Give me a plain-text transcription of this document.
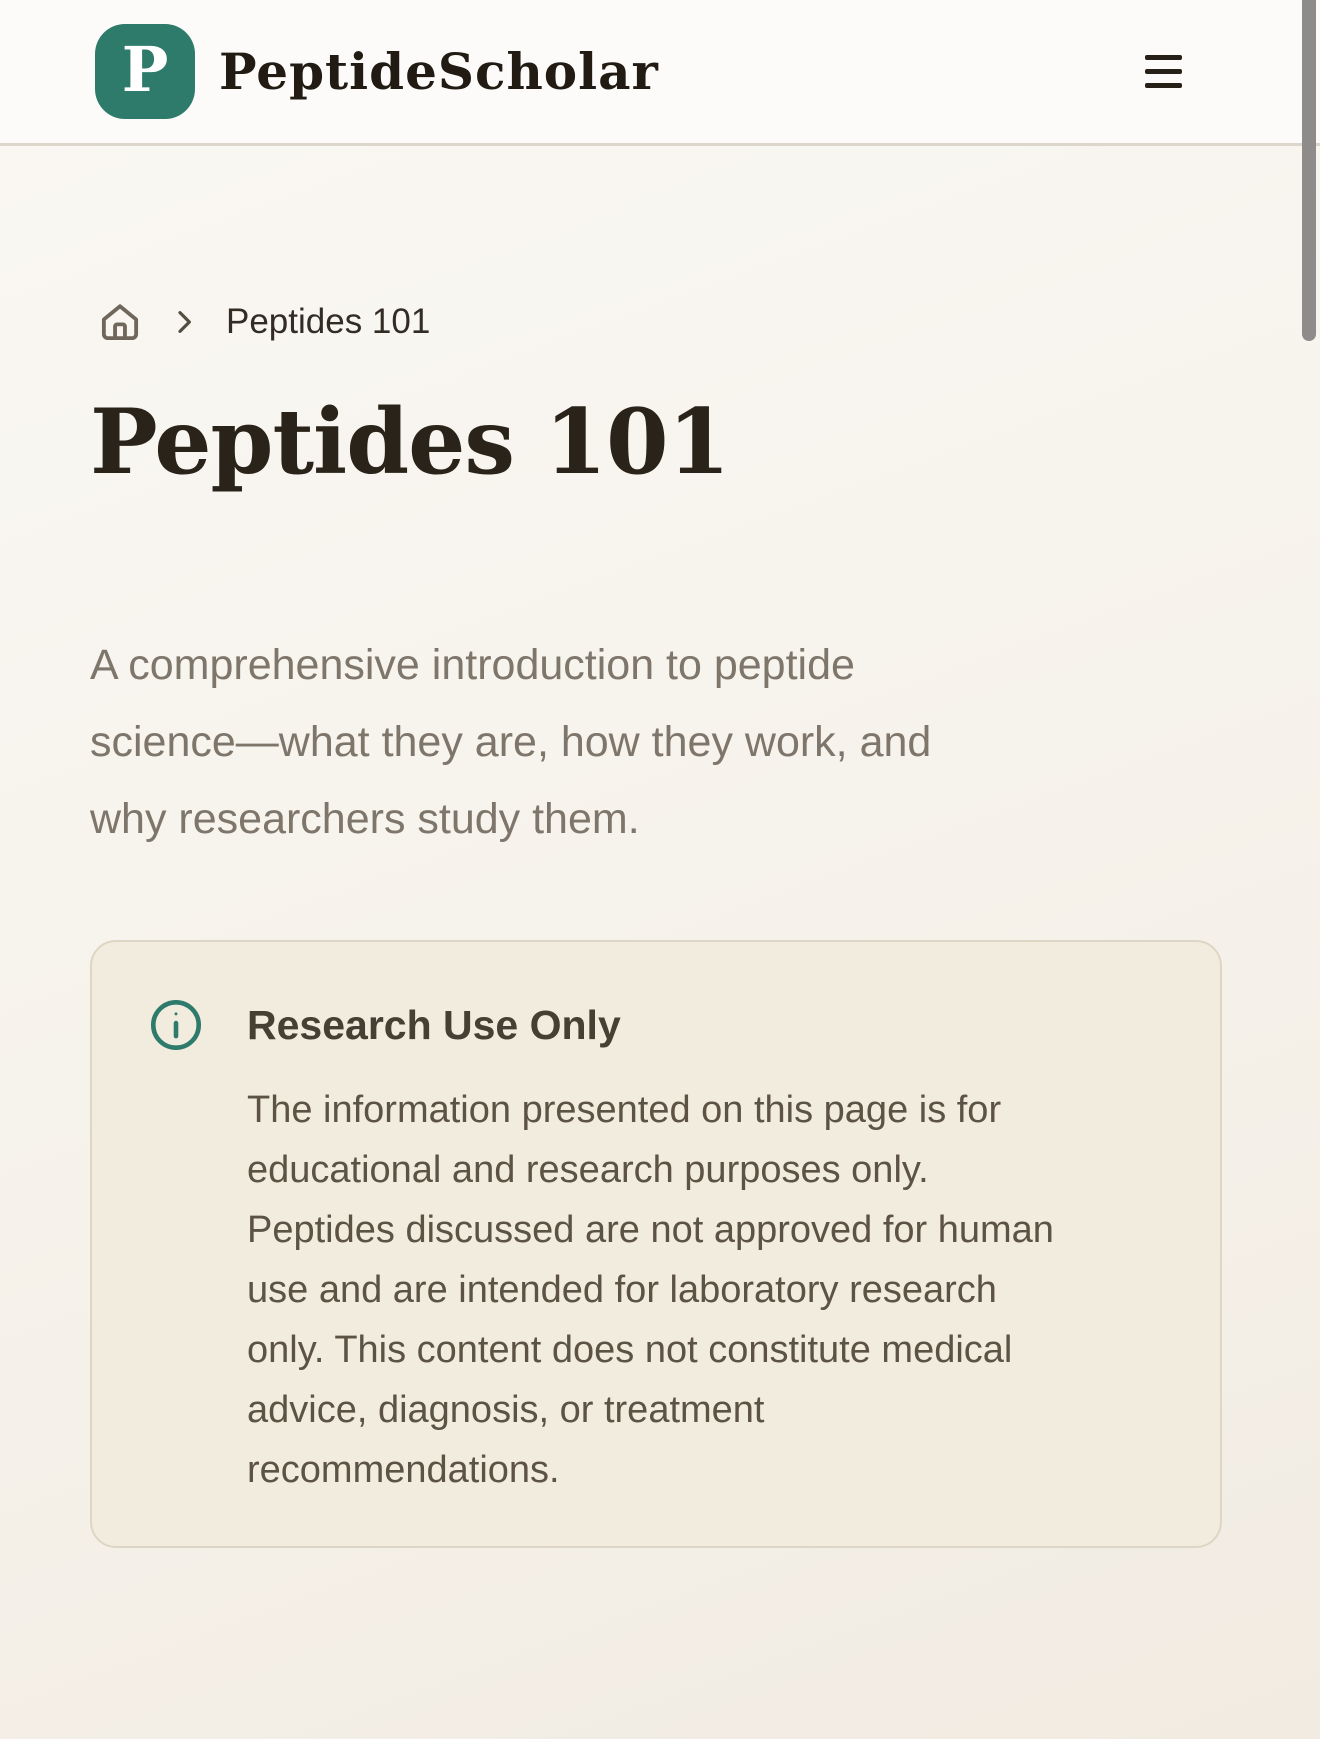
P PeptideScholar
Peptides 101
Peptides 101

A comprehensive introduction to peptide
science—what they are, how they work, and
why researchers study them.

Research Use Only

The information presented on this page is for
educational and research purposes only.
Peptides discussed are not approved for human
use and are intended for laboratory research
only. This content does not constitute medical
advice, diagnosis, or treatment
recommendations.
